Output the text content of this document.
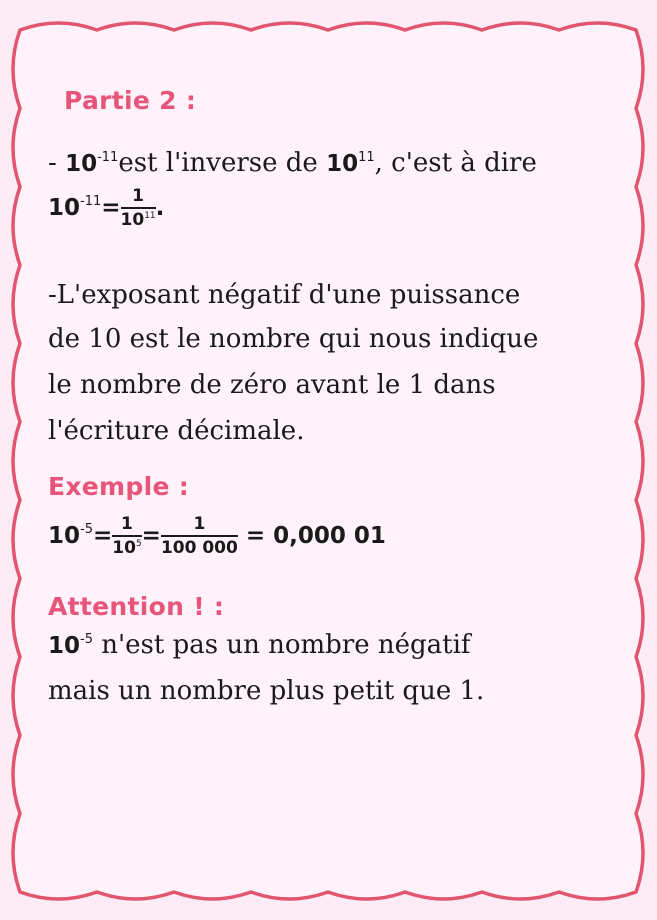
Partie 2 :
- $10^{-11}est$ l'inverse de $10^{11}$, c'est à dire
$10^{-11}= \frac{1}{10^{11}}$ .
-L'exposant négatif d'une puissance
de 10 est le nombre qui nous indique
le nombre de zéro avant le 1 dans
l'écriture décimale.
Exemple :
$10^{-5}= \frac{1}{10^5} = \frac{1}{100 000} = 0,000$ 01
Attention ! :
$10^{-5}$ n'est pas un nombre négatif
mais un nombre plus petit que 1.
